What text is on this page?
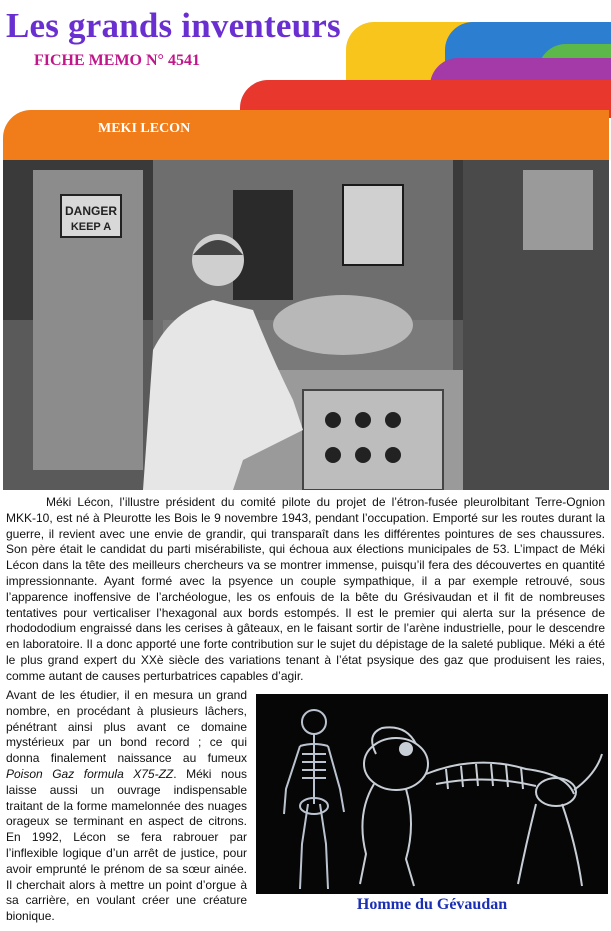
Les grands inventeurs
FICHE MEMO N° 4541
MEKI LECON
DANGER
KEEP A

Méki Lécon, l’illustre président du comité pilote du projet de l’étron-fusée pleurolbitant Terre-Ognion MKK-10, est né à Pleurotte les Bois le 9 novembre 1943, pendant l’occupation. Emporté sur les routes durant la guerre, il revient avec une envie de grandir, qui transparaît dans les différentes pointures de ses chaussures. Son père était le candidat du parti misérabiliste, qui échoua aux élections municipales de 53. L’impact de Méki Lécon dans la tête des meilleurs chercheurs va se montrer immense, puisqu’il fera des découvertes en quantité impressionnante. Ayant formé avec la psyence un couple sympathique, il a par exemple retrouvé, sous l’apparence inoffensive de l’archéologue, les os enfouis de la bête du Grésivaudan et il fit de nombreuses tentatives pour verticaliser l’hexagonal aux bords estompés. Il est le premier qui alerta sur la présence de rhodododium engraissé dans les cerises à gâteaux, en le faisant sortir de l’arène industrielle, pour le descendre en laboratoire. Il a donc apporté une forte contribution sur le sujet du dépistage de la saleté publique. Méki a été le plus grand expert du XXè siècle des variations tenant à l’état psysique des gaz que produisent les raies, comme autant de causes perturbatrices capables d’agir.

Avant de les étudier, il en mesura un grand nombre, en procédant à plusieurs lâchers, pénétrant ainsi plus avant ce domaine mystérieux par un bond record ; ce qui donna finalement naissance au fumeux Poison Gaz formula X75-ZZ. Méki nous laisse aussi un ouvrage indispensable traitant de la forme mamelonnée des nuages orageux se terminant en aspect de citrons. En 1992, Lécon se fera rabrouer par l’inflexible logique d’un arrêt de justice, pour avoir emprunté le prénom de sa sœur ainée. Il cherchait alors à mettre un point d’orgue à sa carrière, en voulant créer une créature bionique.

Homme du Gévaudan
